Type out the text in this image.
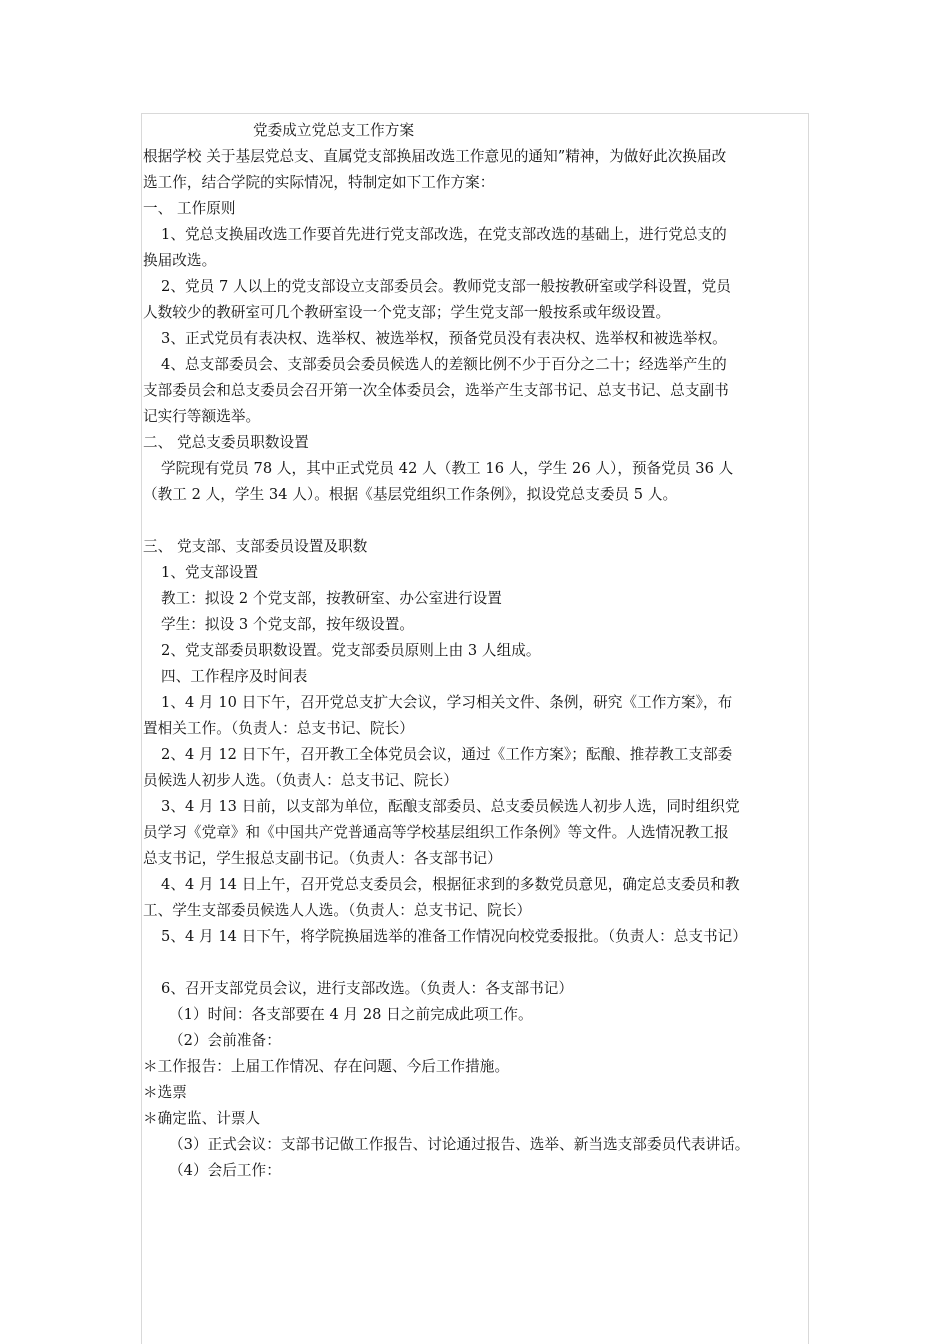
党委成立党总支工作方案
根据学校 关于基层党总支、直属党支部换届改选工作意见的通知”精神，为做好此次换届改
选工作，结合学院的实际情况，特制定如下工作方案：
一、 工作原则
1、党总支换届改选工作要首先进行党支部改选，在党支部改选的基础上，进行党总支的
换届改选。
2、党员 7 人以上的党支部设立支部委员会。教师党支部一般按教研室或学科设置，党员
人数较少的教研室可几个教研室设一个党支部；学生党支部一般按系或年级设置。
3、正式党员有表决权、选举权、被选举权，预备党员没有表决权、选举权和被选举权。
4、总支部委员会、支部委员会委员候选人的差额比例不少于百分之二十；经选举产生的
支部委员会和总支委员会召开第一次全体委员会，选举产生支部书记、总支书记、总支副书
记实行等额选举。
二、 党总支委员职数设置
学院现有党员 78 人，其中正式党员 42 人（教工 16 人，学生 26 人），预备党员 36 人
（教工 2 人，学生 34 人）。根据《基层党组织工作条例》，拟设党总支委员 5 人。
三、 党支部、支部委员设置及职数
1、党支部设置
教工：拟设 2 个党支部，按教研室、办公室进行设置
学生：拟设 3 个党支部，按年级设置。
2、党支部委员职数设置。党支部委员原则上由 3 人组成。
四、工作程序及时间表
1、4 月 10 日下午，召开党总支扩大会议，学习相关文件、条例，研究《工作方案》，布
置相关工作。（负责人：总支书记、院长）
2、4 月 12 日下午，召开教工全体党员会议，通过《工作方案》；酝酿、推荐教工支部委
员候选人初步人选。（负责人：总支书记、院长）
3、4 月 13 日前，以支部为单位，酝酿支部委员、总支委员候选人初步人选，同时组织党
员学习《党章》和《中国共产党普通高等学校基层组织工作条例》等文件。人选情况教工报
总支书记，学生报总支副书记。（负责人：各支部书记）
4、4 月 14 日上午，召开党总支委员会，根据征求到的多数党员意见，确定总支委员和教
工、学生支部委员候选人人选。（负责人：总支书记、院长）
5、4 月 14 日下午，将学院换届选举的准备工作情况向校党委报批。（负责人：总支书记）
6、召开支部党员会议，进行支部改选。（负责人：各支部书记）
（1）时间：各支部要在 4 月 28 日之前完成此项工作。
（2）会前准备：
＊工作报告：上届工作情况、存在问题、今后工作措施。
＊选票
＊确定监、计票人
（3）正式会议：支部书记做工作报告、讨论通过报告、选举、新当选支部委员代表讲话。
（4）会后工作：
